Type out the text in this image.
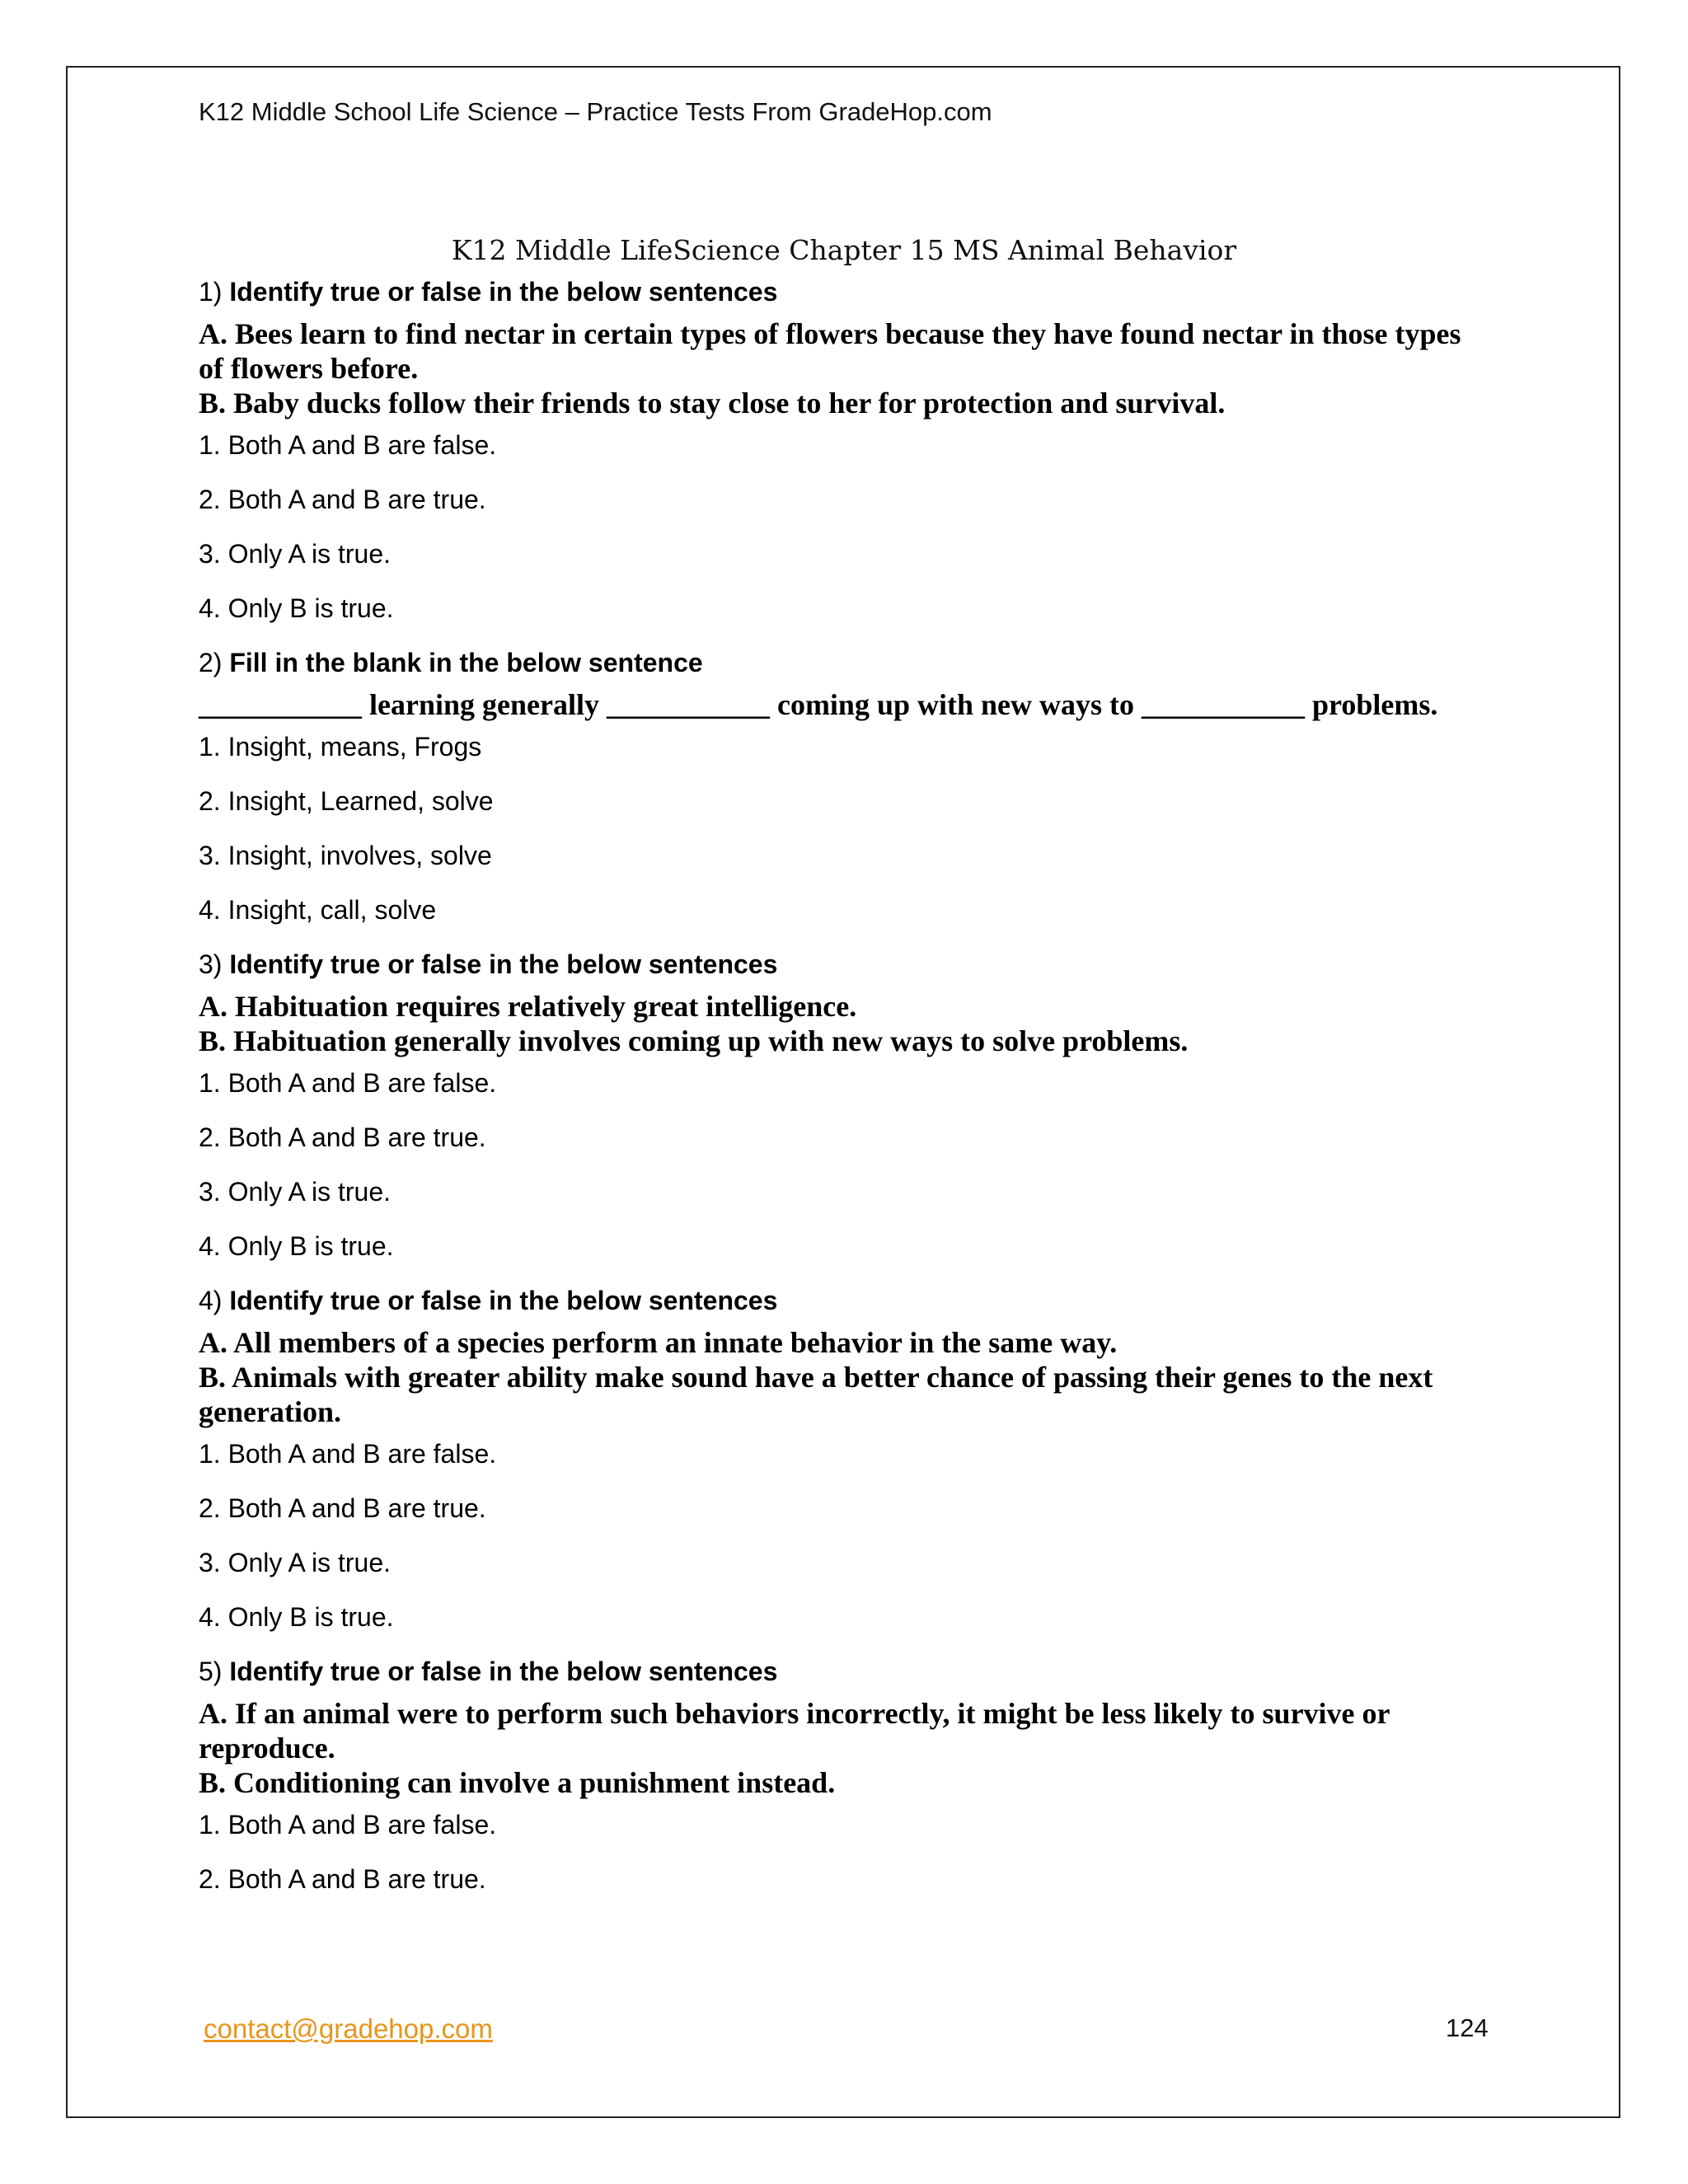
K12 Middle School Life Science – Practice Tests From GradeHop.com
K12 Middle LifeScience Chapter 15 MS Animal Behavior

1) Identify true or false in the below sentences

A. Bees learn to find nectar in certain types of flowers because they have found nectar in those types of flowers before.

B. Baby ducks follow their friends to stay close to her for protection and survival.

1. Both A and B are false.

2. Both A and B are true.

3. Only A is true.

4. Only B is true.

2) Fill in the blank in the below sentence

___________ learning generally ___________ coming up with new ways to ___________ problems.

1. Insight, means, Frogs

2. Insight, Learned, solve

3. Insight, involves, solve

4. Insight, call, solve

3) Identify true or false in the below sentences

A. Habituation requires relatively great intelligence.

B. Habituation generally involves coming up with new ways to solve problems.

1. Both A and B are false.

2. Both A and B are true.

3. Only A is true.

4. Only B is true.

4) Identify true or false in the below sentences

A. All members of a species perform an innate behavior in the same way.

B. Animals with greater ability make sound have a better chance of passing their genes to the next generation.

1. Both A and B are false.

2. Both A and B are true.

3. Only A is true.

4. Only B is true.

5) Identify true or false in the below sentences

A. If an animal were to perform such behaviors incorrectly, it might be less likely to survive or reproduce.

B. Conditioning can involve a punishment instead.

1. Both A and B are false.

2. Both A and B are true.

contact@gradehop.com	124
